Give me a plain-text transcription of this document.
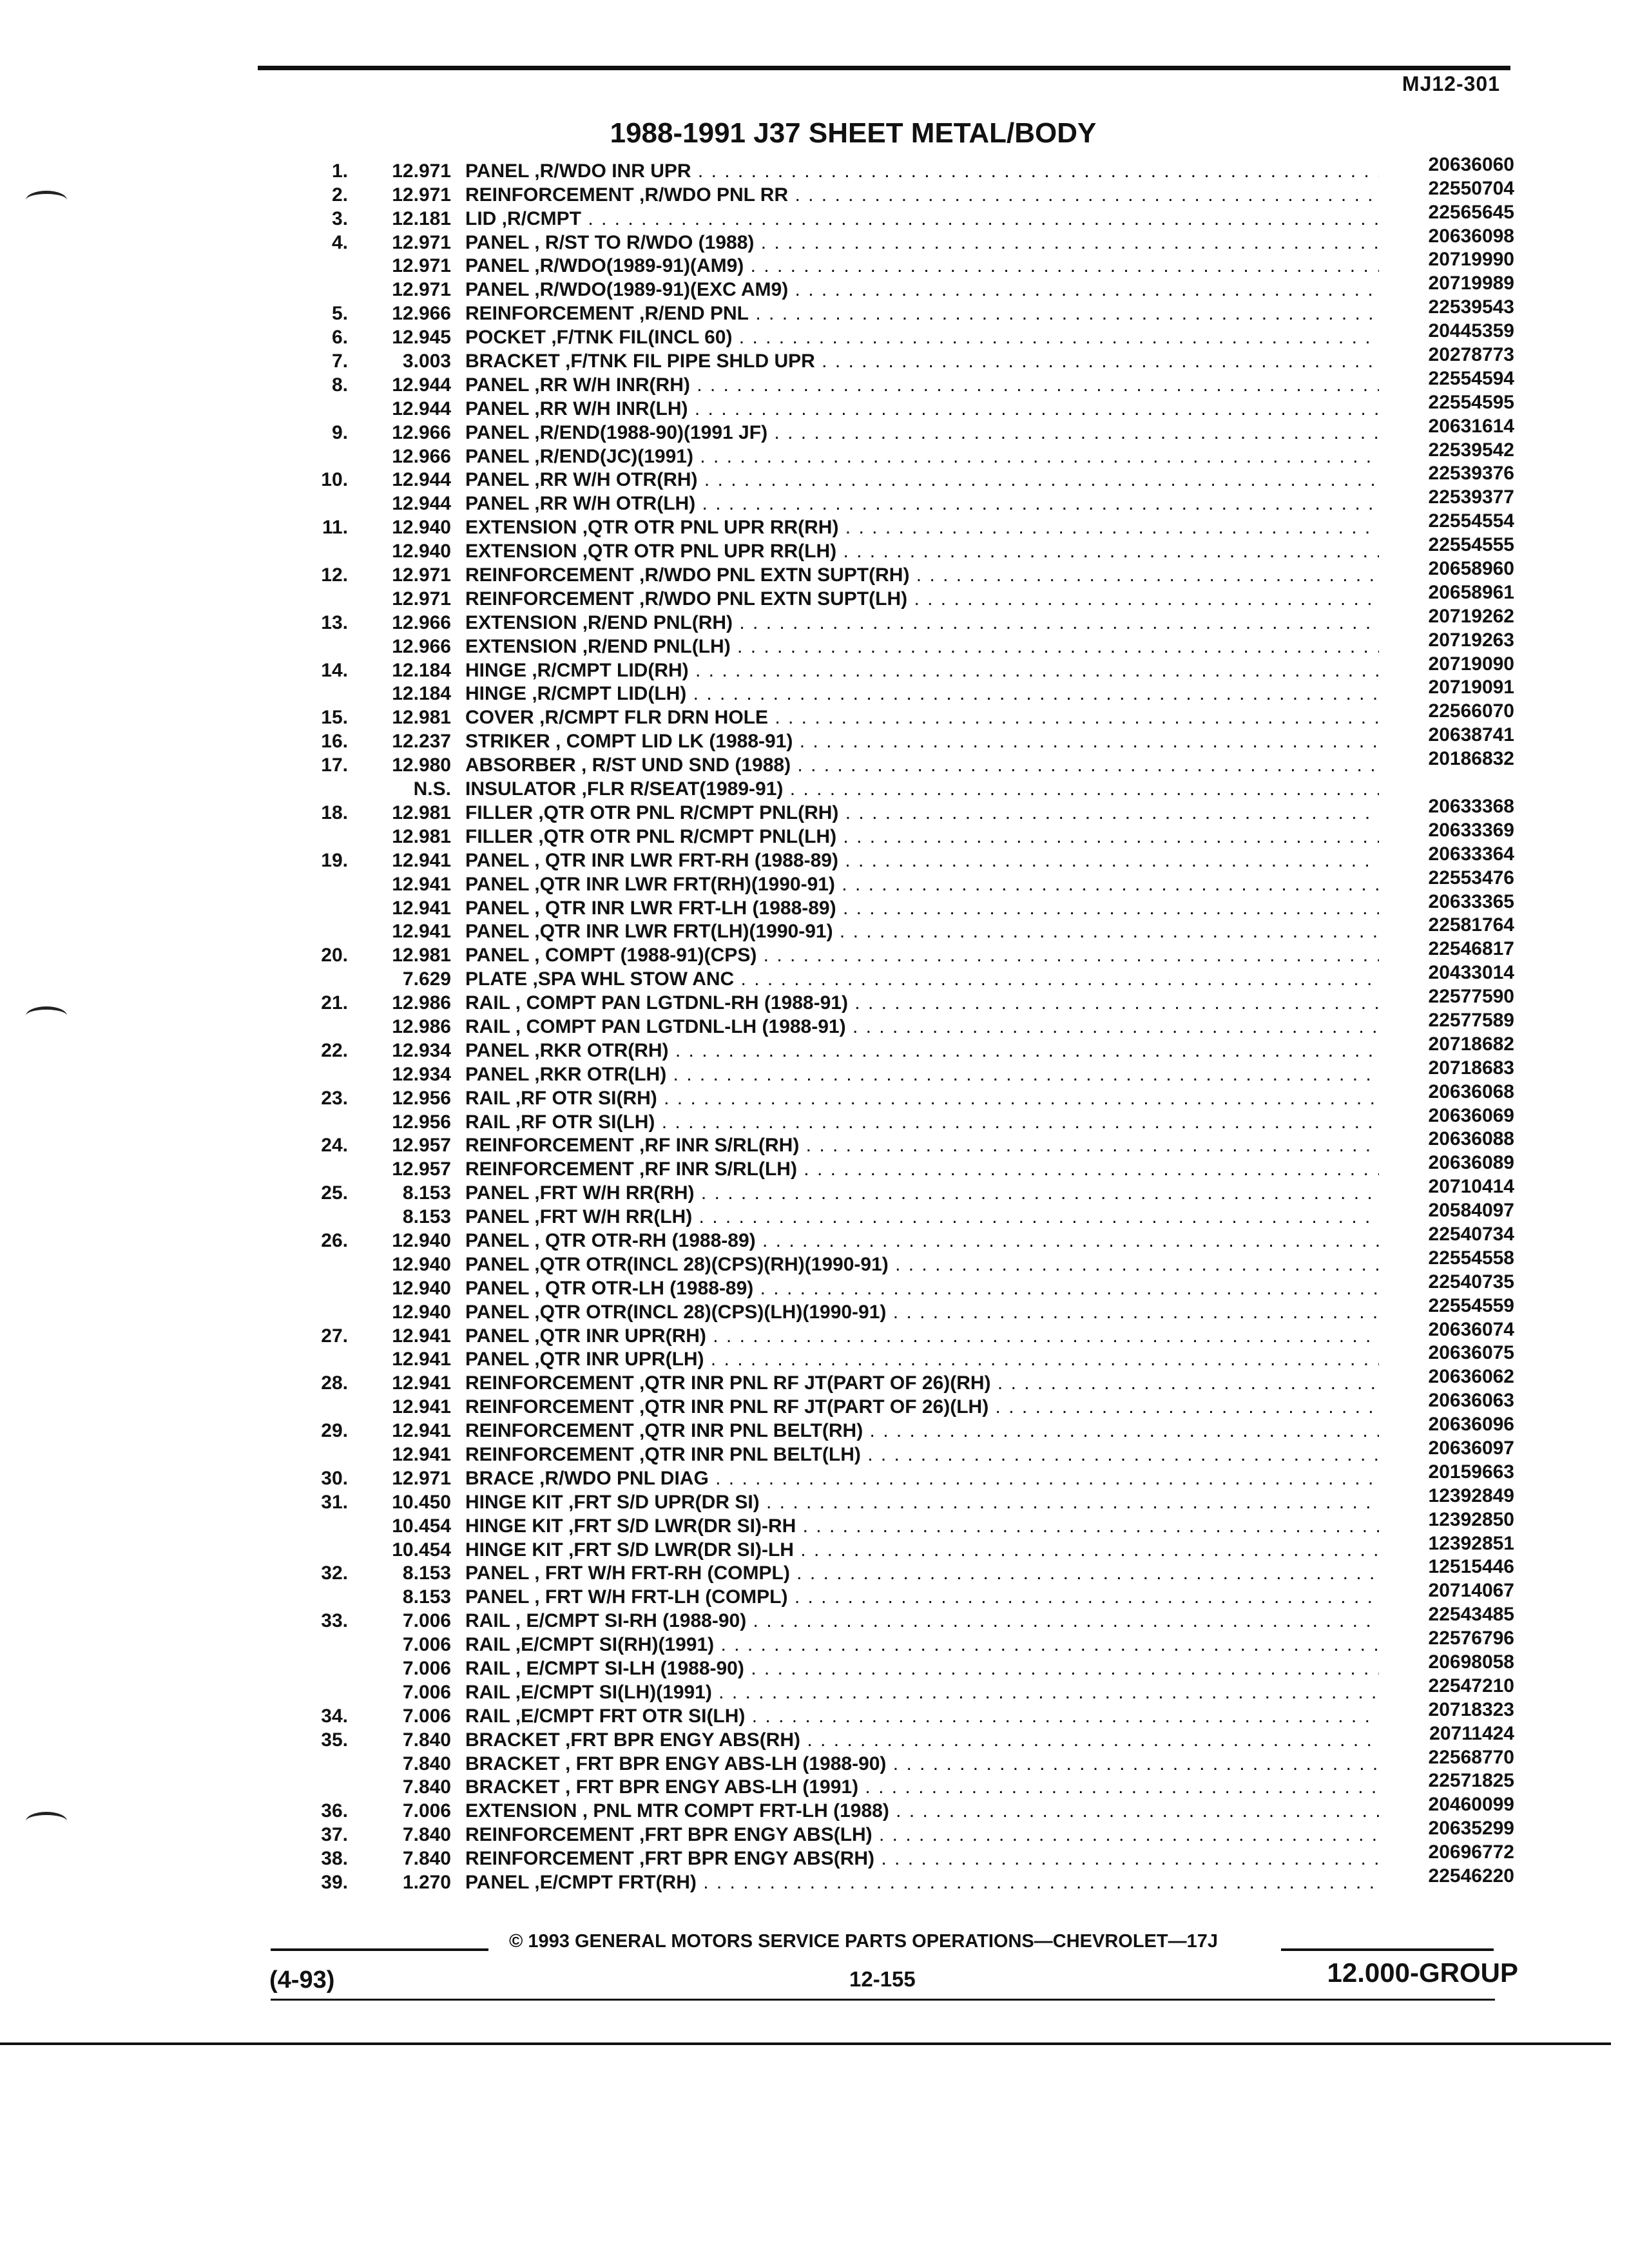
MJ12-301
1988-1991 J37 SHEET METAL/BODY
1.	12.971 PANEL ,R/WDO INR UPR . . .	20636060
2.	12.971 REINFORCEMENT ,R/WDO PNL RR . . .	22550704
3.	12.181 LID ,R/CMPT . . .	22565645
4.	12.971 PANEL , R/ST TO R/WDO (1988) . . .	20636098
12.971 PANEL ,R/WDO(1989-91)(AM9) . . .	20719990
12.971 PANEL ,R/WDO(1989-91)(EXC AM9) . . .	20719989
5.	12.966 REINFORCEMENT ,R/END PNL . . .	22539543
6.	12.945 POCKET ,F/TNK FIL(INCL 60) . . .	20445359
7.	3.003 BRACKET ,F/TNK FIL PIPE SHLD UPR . . .	20278773
8.	12.944 PANEL ,RR W/H INR(RH) . . .	22554594
12.944 PANEL ,RR W/H INR(LH) . . .	22554595
9.	12.966 PANEL ,R/END(1988-90)(1991 JF) . . .	20631614
12.966 PANEL ,R/END(JC)(1991) . . .	22539542
10.	12.944 PANEL ,RR W/H OTR(RH) . . .	22539376
12.944 PANEL ,RR W/H OTR(LH) . . .	22539377
11.	12.940 EXTENSION ,QTR OTR PNL UPR RR(RH) . . .	22554554
12.940 EXTENSION ,QTR OTR PNL UPR RR(LH) . . .	22554555
12.	12.971 REINFORCEMENT ,R/WDO PNL EXTN SUPT(RH) . . .	20658960
12.971 REINFORCEMENT ,R/WDO PNL EXTN SUPT(LH) . . .	20658961
13.	12.966 EXTENSION ,R/END PNL(RH) . . .	20719262
12.966 EXTENSION ,R/END PNL(LH) . . .	20719263
14.	12.184 HINGE ,R/CMPT LID(RH) . . .	20719090
12.184 HINGE ,R/CMPT LID(LH) . . .	20719091
15.	12.981 COVER ,R/CMPT FLR DRN HOLE . . .	22566070
16.	12.237 STRIKER , COMPT LID LK (1988-91) . . .	20638741
17.	12.980 ABSORBER , R/ST UND SND (1988) . . .	20186832
N.S. INSULATOR ,FLR R/SEAT(1989-91) . . .
18.	12.981 FILLER ,QTR OTR PNL R/CMPT PNL(RH) . . .	20633368
12.981 FILLER ,QTR OTR PNL R/CMPT PNL(LH) . . .	20633369
19.	12.941 PANEL , QTR INR LWR FRT-RH (1988-89) . . .	20633364
12.941 PANEL ,QTR INR LWR FRT(RH)(1990-91) . . .	22553476
12.941 PANEL , QTR INR LWR FRT-LH (1988-89) . . .	20633365
12.941 PANEL ,QTR INR LWR FRT(LH)(1990-91) . . .	22581764
20.	12.981 PANEL , COMPT (1988-91)(CPS) . . .	22546817
7.629 PLATE ,SPA WHL STOW ANC . . .	20433014
21.	12.986 RAIL , COMPT PAN LGTDNL-RH (1988-91) . . .	22577590
12.986 RAIL , COMPT PAN LGTDNL-LH (1988-91) . . .	22577589
22.	12.934 PANEL ,RKR OTR(RH) . . .	20718682
12.934 PANEL ,RKR OTR(LH) . . .	20718683
23.	12.956 RAIL ,RF OTR SI(RH) . . .	20636068
12.956 RAIL ,RF OTR SI(LH) . . .	20636069
24.	12.957 REINFORCEMENT ,RF INR S/RL(RH) . . .	20636088
12.957 REINFORCEMENT ,RF INR S/RL(LH) . . .	20636089
25.	8.153 PANEL ,FRT W/H RR(RH) . . .	20710414
8.153 PANEL ,FRT W/H RR(LH) . . .	20584097
26.	12.940 PANEL , QTR OTR-RH (1988-89) . . .	22540734
12.940 PANEL ,QTR OTR(INCL 28)(CPS)(RH)(1990-91) . . .	22554558
12.940 PANEL , QTR OTR-LH (1988-89) . . .	22540735
12.940 PANEL ,QTR OTR(INCL 28)(CPS)(LH)(1990-91) . . .	22554559
27.	12.941 PANEL ,QTR INR UPR(RH) . . .	20636074
12.941 PANEL ,QTR INR UPR(LH) . . .	20636075
28.	12.941 REINFORCEMENT ,QTR INR PNL RF JT(PART OF 26)(RH) . . .	20636062
12.941 REINFORCEMENT ,QTR INR PNL RF JT(PART OF 26)(LH) . . .	20636063
29.	12.941 REINFORCEMENT ,QTR INR PNL BELT(RH) . . .	20636096
12.941 REINFORCEMENT ,QTR INR PNL BELT(LH) . . .	20636097
30.	12.971 BRACE ,R/WDO PNL DIAG . . .	20159663
31.	10.450 HINGE KIT ,FRT S/D UPR(DR SI) . . .	12392849
10.454 HINGE KIT ,FRT S/D LWR(DR SI)-RH . . .	12392850
10.454 HINGE KIT ,FRT S/D LWR(DR SI)-LH . . .	12392851
32.	8.153 PANEL , FRT W/H FRT-RH (COMPL) . . .	12515446
8.153 PANEL , FRT W/H FRT-LH (COMPL) . . .	20714067
33.	7.006 RAIL , E/CMPT SI-RH (1988-90) . . .	22543485
7.006 RAIL ,E/CMPT SI(RH)(1991) . . .	22576796
7.006 RAIL , E/CMPT SI-LH (1988-90) . . .	20698058
7.006 RAIL ,E/CMPT SI(LH)(1991) . . .	22547210
34.	7.006 RAIL ,E/CMPT FRT OTR SI(LH) . . .	20718323
35.	7.840 BRACKET ,FRT BPR ENGY ABS(RH) . . .	20711424
7.840 BRACKET , FRT BPR ENGY ABS-LH (1988-90) . . .	22568770
7.840 BRACKET , FRT BPR ENGY ABS-LH (1991) . . .	22571825
36.	7.006 EXTENSION , PNL MTR COMPT FRT-LH (1988) . . .	20460099
37.	7.840 REINFORCEMENT ,FRT BPR ENGY ABS(LH) . . .	20635299
38.	7.840 REINFORCEMENT ,FRT BPR ENGY ABS(RH) . . .	20696772
39.	1.270 PANEL ,E/CMPT FRT(RH) . . .	22546220
© 1993 GENERAL MOTORS SERVICE PARTS OPERATIONS—CHEVROLET—17J
(4-93)	12-155	12.000-GROUP
